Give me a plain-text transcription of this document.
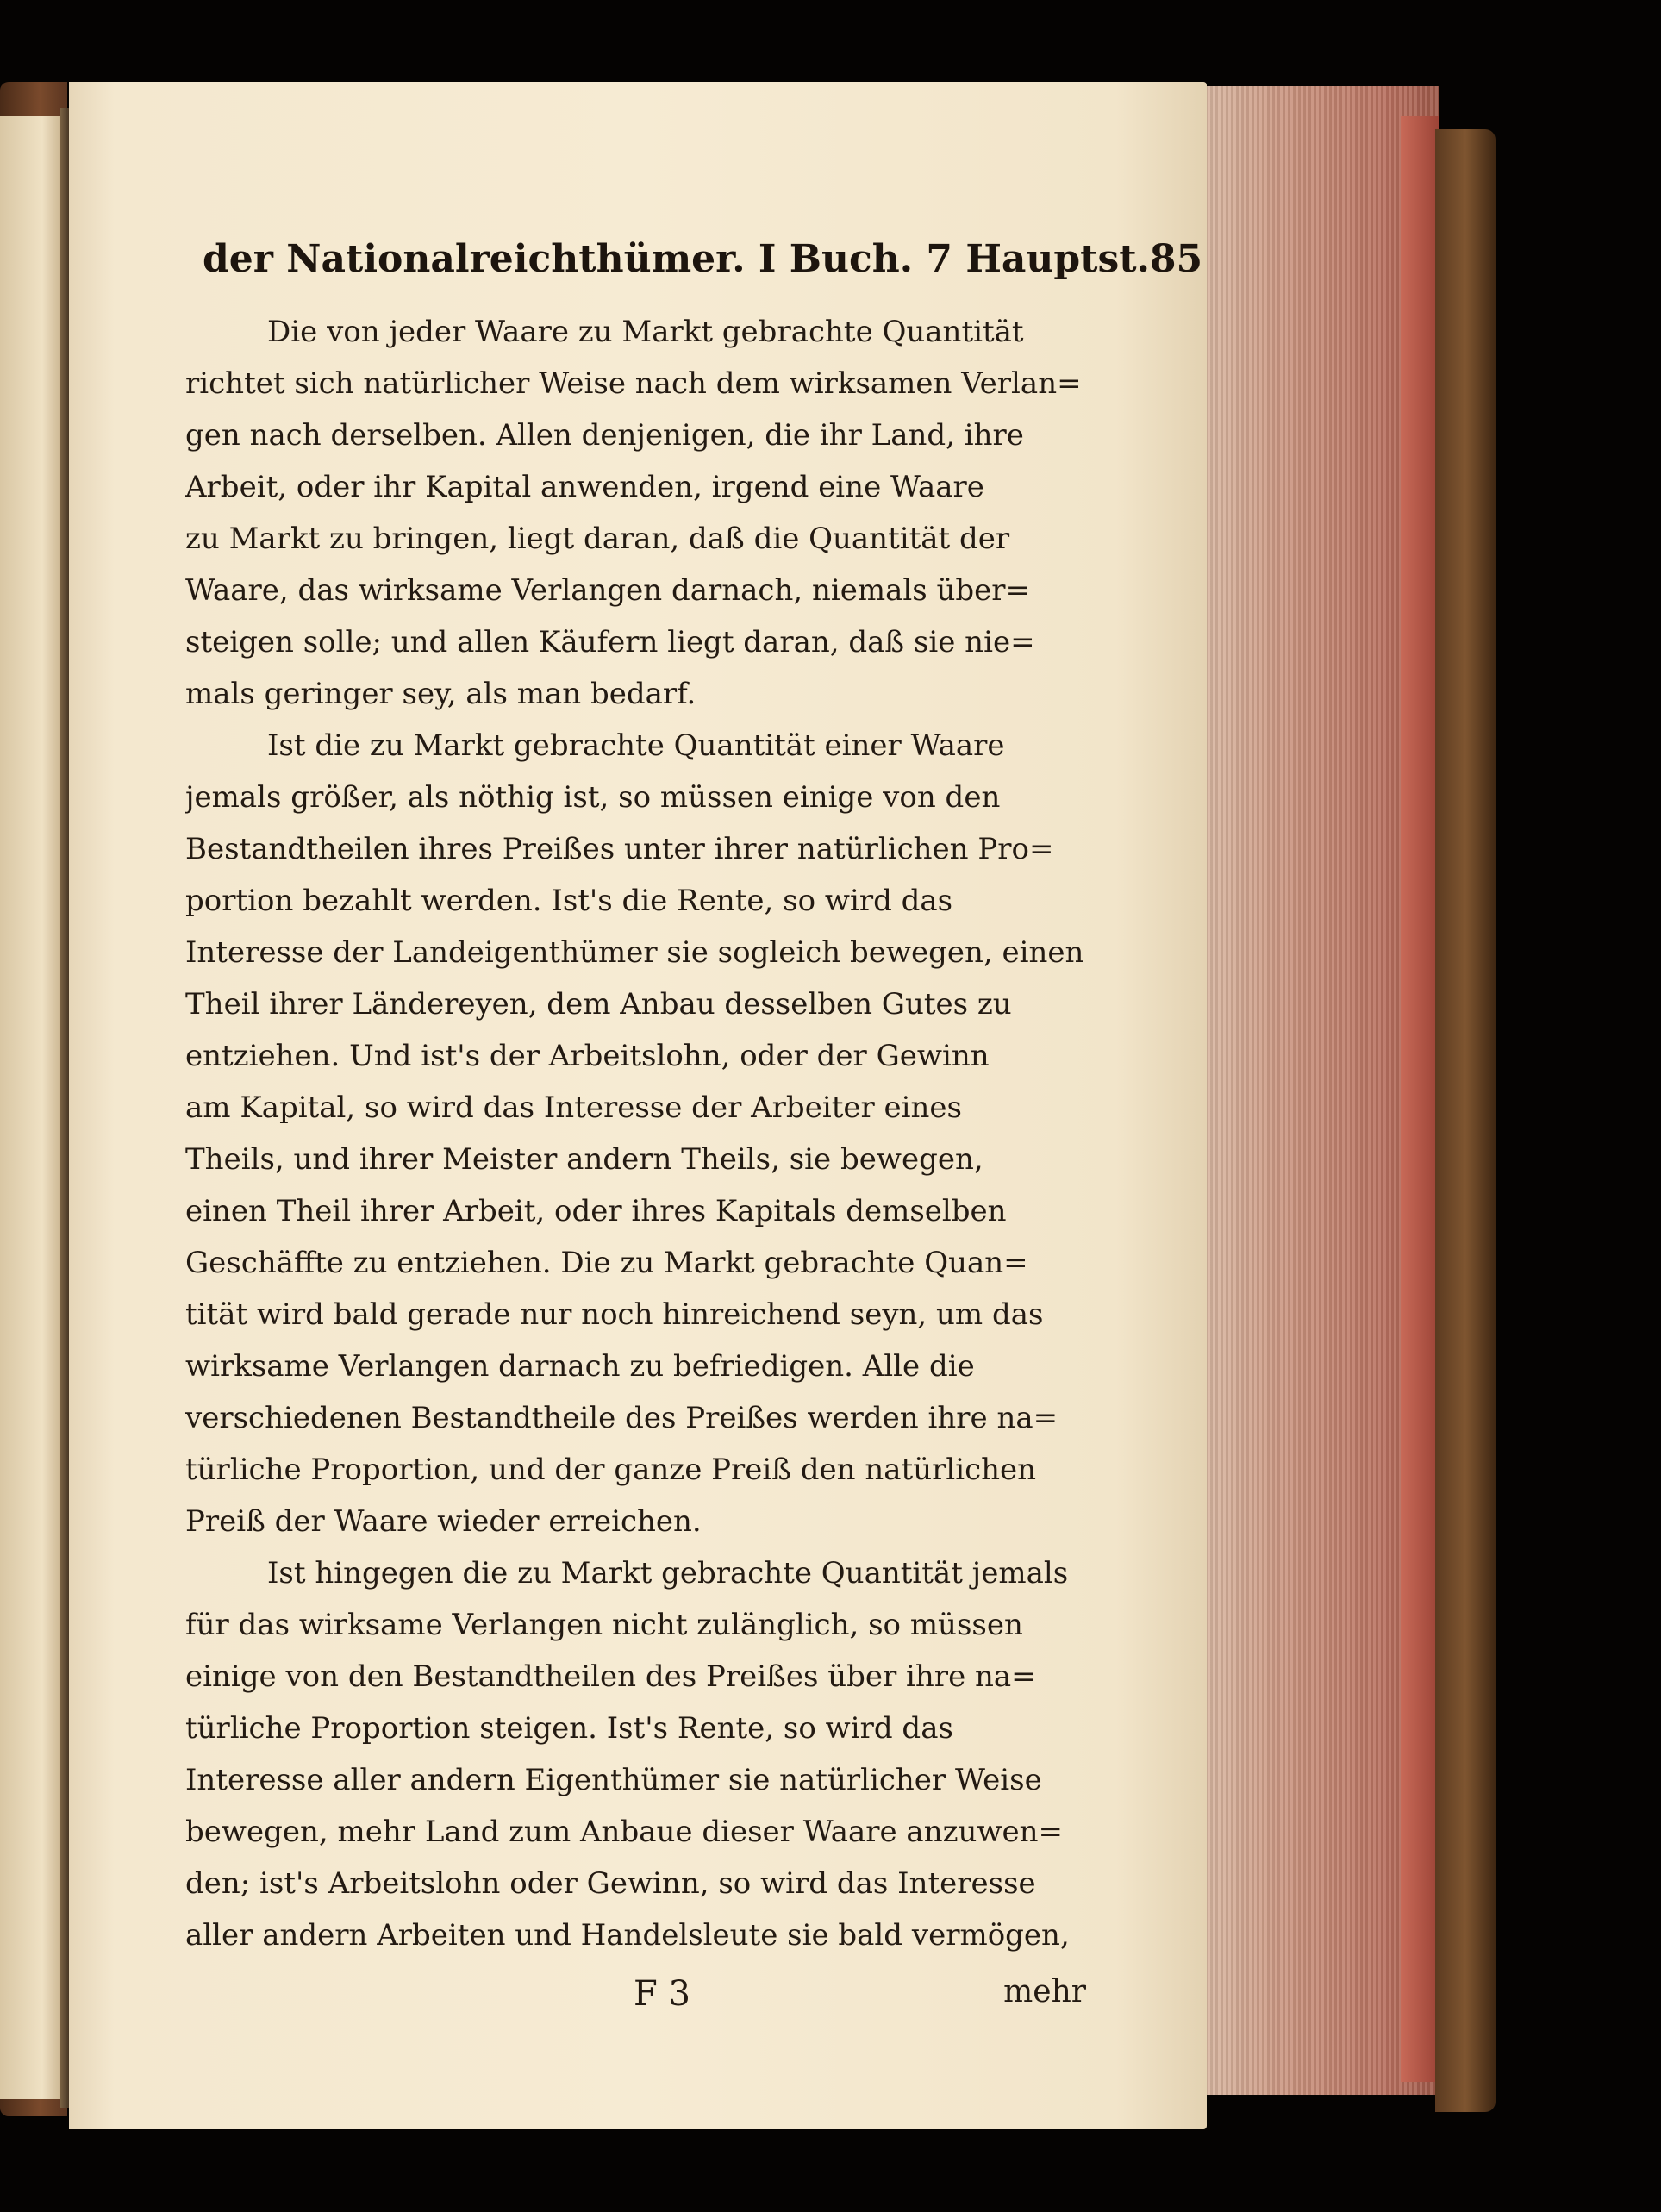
der Nationalreichthümer. I Buch. 7 Hauptst. 85
Die von jeder Waare zu Markt gebrachte Quantität
richtet sich natürlicher Weise nach dem wirksamen Verlan=
gen nach derselben. Allen denjenigen, die ihr Land, ihre
Arbeit, oder ihr Kapital anwenden, irgend eine Waare
zu Markt zu bringen, liegt daran, daß die Quantität der
Waare, das wirksame Verlangen darnach, niemals über=
steigen solle; und allen Käufern liegt daran, daß sie nie=
mals geringer sey, als man bedarf.
Ist die zu Markt gebrachte Quantität einer Waare
jemals größer, als nöthig ist, so müssen einige von den
Bestandtheilen ihres Preißes unter ihrer natürlichen Pro=
portion bezahlt werden. Ist's die Rente, so wird das
Interesse der Landeigenthümer sie sogleich bewegen, einen
Theil ihrer Ländereyen, dem Anbau desselben Gutes zu
entziehen. Und ist's der Arbeitslohn, oder der Gewinn
am Kapital, so wird das Interesse der Arbeiter eines
Theils, und ihrer Meister andern Theils, sie bewegen,
einen Theil ihrer Arbeit, oder ihres Kapitals demselben
Geschäffte zu entziehen. Die zu Markt gebrachte Quan=
tität wird bald gerade nur noch hinreichend seyn, um das
wirksame Verlangen darnach zu befriedigen. Alle die
verschiedenen Bestandtheile des Preißes werden ihre na=
türliche Proportion, und der ganze Preiß den natürlichen
Preiß der Waare wieder erreichen.
Ist hingegen die zu Markt gebrachte Quantität jemals
für das wirksame Verlangen nicht zulänglich, so müssen
einige von den Bestandtheilen des Preißes über ihre na=
türliche Proportion steigen. Ist's Rente, so wird das
Interesse aller andern Eigenthümer sie natürlicher Weise
bewegen, mehr Land zum Anbaue dieser Waare anzuwen=
den; ist's Arbeitslohn oder Gewinn, so wird das Interesse
aller andern Arbeiten und Handelsleute sie bald vermögen,
F 3	mehr
